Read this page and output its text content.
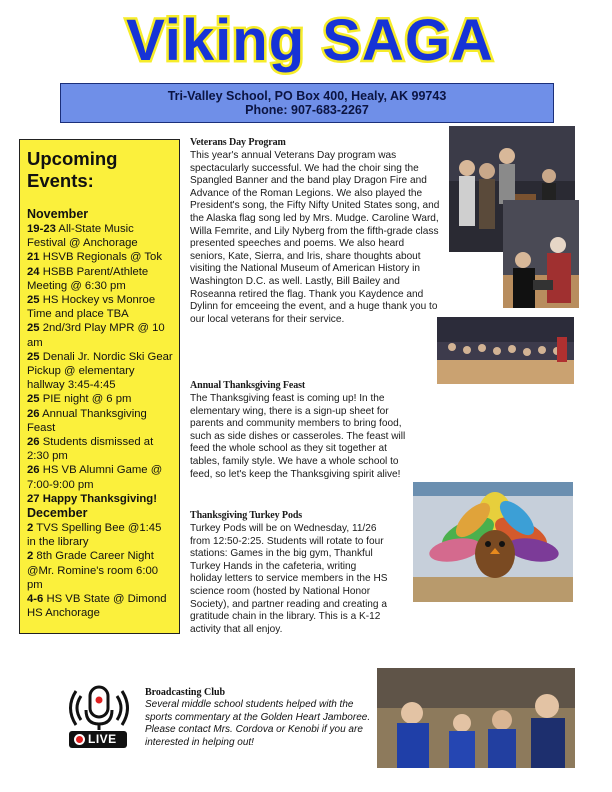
Viking SAGA
Tri-Valley School, PO Box 400, Healy, AK 99743
Phone: 907-683-2267
Upcoming
Events:
November
19-23 All-State Music Festival @ Anchorage
21 HSVB Regionals @ Tok
24 HSBB Parent/Athlete Meeting @ 6:30 pm
25 HS Hockey vs Monroe Time and place TBA
25 2nd/3rd Play MPR @ 10 am
25 Denali Jr. Nordic Ski Gear Pickup @ elementary hallway 3:45-4:45
25 PIE night @ 6 pm
26 Annual Thanksgiving Feast
26 Students dismissed at 2:30 pm
26 HS VB Alumni Game @ 7:00-9:00 pm
27 Happy Thanksgiving!
December
2 TVS Spelling Bee @1:45 in the library
2 8th Grade Career Night @Mr. Romine's room 6:00 pm
4-6 HS VB State @ Dimond HS Anchorage
Veterans Day Program
This year's annual Veterans Day program was spectacularly successful. We had the choir sing the Spangled Banner and the band play Dragon Fire and Advance of the Roman Legions. We also played the President's song, the Fifty Nifty United States song, and the Alaska flag song led by Mrs. Mudge. Caroline Ward, Willa Femrite, and Lily Nyberg from the fifth-grade class presented speeches and poems. We also heard seniors, Kate, Sierra, and Iris, share thoughts about visiting the National Museum of American History in Washington D.C. as well. Lastly, Bill Bailey and Roseanna retired the flag. Thank you Kaydence and Dylinn for emceeing the event, and a huge thank you to our local veterans for their service.
Annual Thanksgiving Feast
The Thanksgiving feast is coming up! In the elementary wing, there is a sign-up sheet for parents and community members to bring food, such as side dishes or casseroles. The feast will feed the whole school as they sit together at tables, family style. We have a whole school to feed, so let's keep the Thanksgiving spirit alive!
Thanksgiving Turkey Pods
Turkey Pods will be on Wednesday, 11/26 from 12:50-2:25. Students will rotate to four stations: Games in the big gym, Thankful Turkey Hands in the cafeteria, writing holiday letters to service members in the HS science room (hosted by National Honor Society), and partner reading and creating a gratitude chain in the library. This is a K-12 activity that all enjoy.
LIVE
Broadcasting Club
Several middle school students helped with the sports commentary at the Golden Heart Jamboree. Please contact Mrs. Cordova or Kenobi if you are interested in helping out!
